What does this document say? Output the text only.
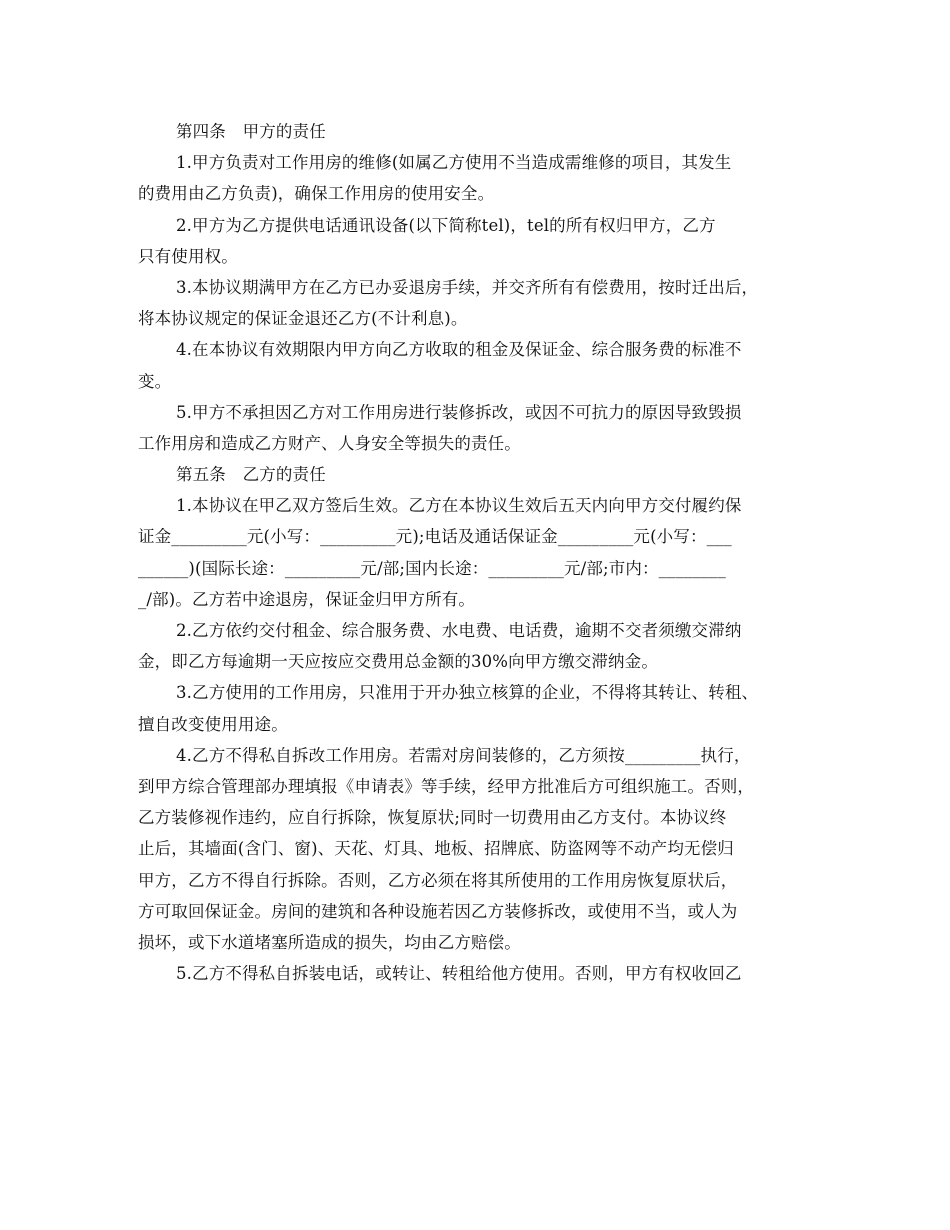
第四条　甲方的责任
1.甲方负责对工作用房的维修(如属乙方使用不当造成需维修的项目，其发生
的费用由乙方负责)，确保工作用房的使用安全。
2.甲方为乙方提供电话通讯设备(以下简称tel)，tel的所有权归甲方，乙方
只有使用权。
3.本协议期满甲方在乙方已办妥退房手续，并交齐所有有偿费用，按时迁出后，
将本协议规定的保证金退还乙方(不计利息)。
4.在本协议有效期限内甲方向乙方收取的租金及保证金、综合服务费的标准不
变。
5.甲方不承担因乙方对工作用房进行装修拆改，或因不可抗力的原因导致毁损
工作用房和造成乙方财产、人身安全等损失的责任。
第五条　乙方的责任
1.本协议在甲乙双方签后生效。乙方在本协议生效后五天内向甲方交付履约保
证金_________元(小写：_________元);电话及通话保证金_________元(小写：___
______)(国际长途：_________元/部;国内长途：_________元/部;市内：________
_/部)。乙方若中途退房，保证金归甲方所有。
2.乙方依约交付租金、综合服务费、水电费、电话费，逾期不交者须缴交滞纳
金，即乙方每逾期一天应按应交费用总金额的30%向甲方缴交滞纳金。
3.乙方使用的工作用房，只准用于开办独立核算的企业，不得将其转让、转租、
擅自改变使用用途。
4.乙方不得私自拆改工作用房。若需对房间装修的，乙方须按_________执行，
到甲方综合管理部办理填报《申请表》等手续，经甲方批准后方可组织施工。否则，
乙方装修视作违约，应自行拆除，恢复原状;同时一切费用由乙方支付。本协议终
止后，其墙面(含门、窗)、天花、灯具、地板、招牌底、防盗网等不动产均无偿归
甲方，乙方不得自行拆除。否则，乙方必须在将其所使用的工作用房恢复原状后，
方可取回保证金。房间的建筑和各种设施若因乙方装修拆改，或使用不当，或人为
损坏，或下水道堵塞所造成的损失，均由乙方赔偿。
5.乙方不得私自拆装电话，或转让、转租给他方使用。否则，甲方有权收回乙
